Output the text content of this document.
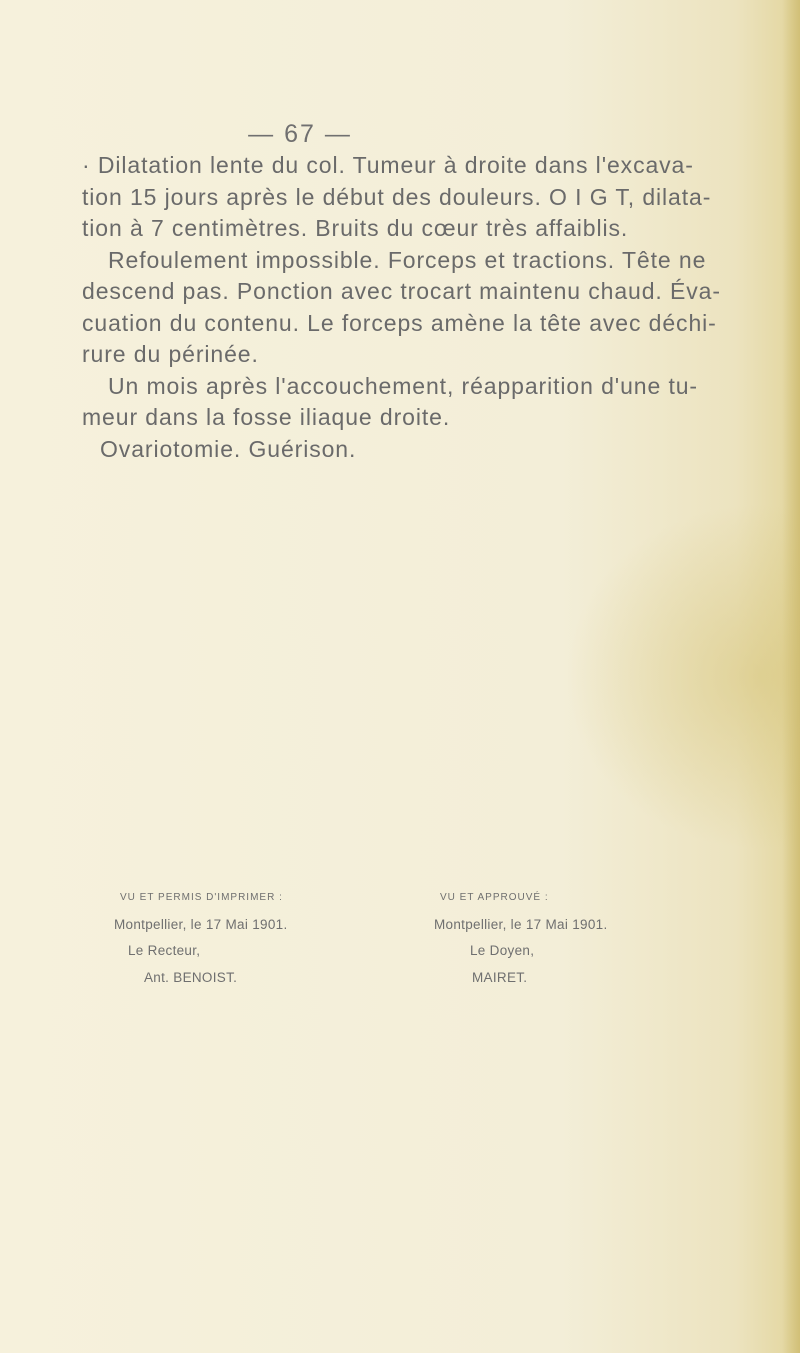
— 67 —

· Dilatation lente du col. Tumeur à droite dans l'excava-

tion 15 jours après le début des douleurs. O I G T, dilata-

tion à 7 centimètres. Bruits du cœur très affaiblis.

Refoulement impossible. Forceps et tractions. Tête ne

descend pas. Ponction avec trocart maintenu chaud. Éva-

cuation du contenu. Le forceps amène la tête avec déchi-

rure du périnée.

Un mois après l'accouchement, réapparition d'une tu-

meur dans la fosse iliaque droite.

Ovariotomie. Guérison.

VU ET PERMIS D'IMPRIMER :
Montpellier, le 17 Mai 1901.
Le Recteur,
Ant. BENOIST.
VU ET APPROUVÉ :
Montpellier, le 17 Mai 1901.
Le Doyen,
MAIRET.
